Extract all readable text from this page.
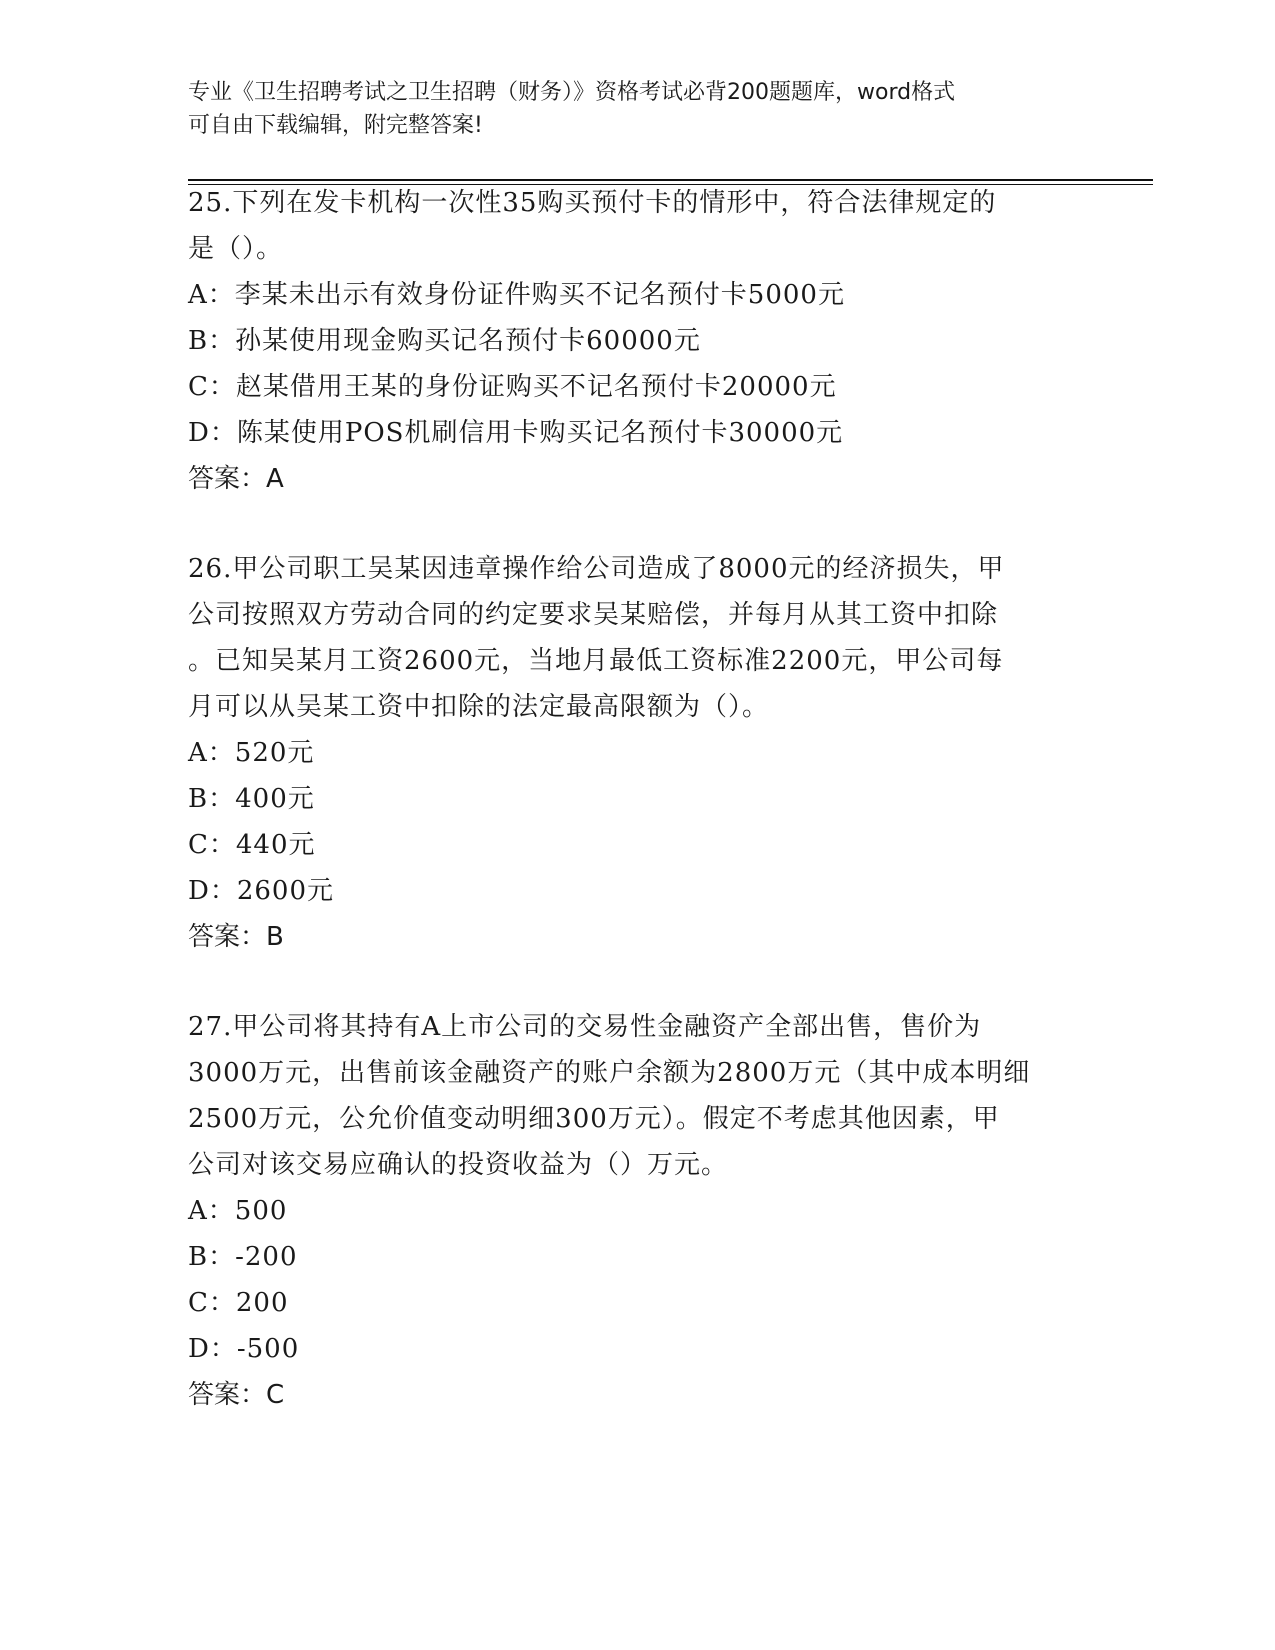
专业《卫生招聘考试之卫生招聘（财务）》资格考试必背200题题库，word格式
可自由下载编辑，附完整答案!
25.下列在发卡机构一次性35购买预付卡的情形中，符合法律规定的
是（）。
A：李某未出示有效身份证件购买不记名预付卡5000元
B：孙某使用现金购买记名预付卡60000元
C：赵某借用王某的身份证购买不记名预付卡20000元
D：陈某使用POS机刷信用卡购买记名预付卡30000元
答案：A
26.甲公司职工吴某因违章操作给公司造成了8000元的经济损失，甲
公司按照双方劳动合同的约定要求吴某赔偿，并每月从其工资中扣除
。已知吴某月工资2600元，当地月最低工资标准2200元，甲公司每
月可以从吴某工资中扣除的法定最高限额为（）。
A：520元
B：400元
C：440元
D：2600元
答案：B
27.甲公司将其持有A上市公司的交易性金融资产全部出售，售价为
3000万元，出售前该金融资产的账户余额为2800万元（其中成本明细
2500万元，公允价值变动明细300万元）。假定不考虑其他因素，甲
公司对该交易应确认的投资收益为（）万元。
A：500
B：-200
C：200
D：-500
答案：C
